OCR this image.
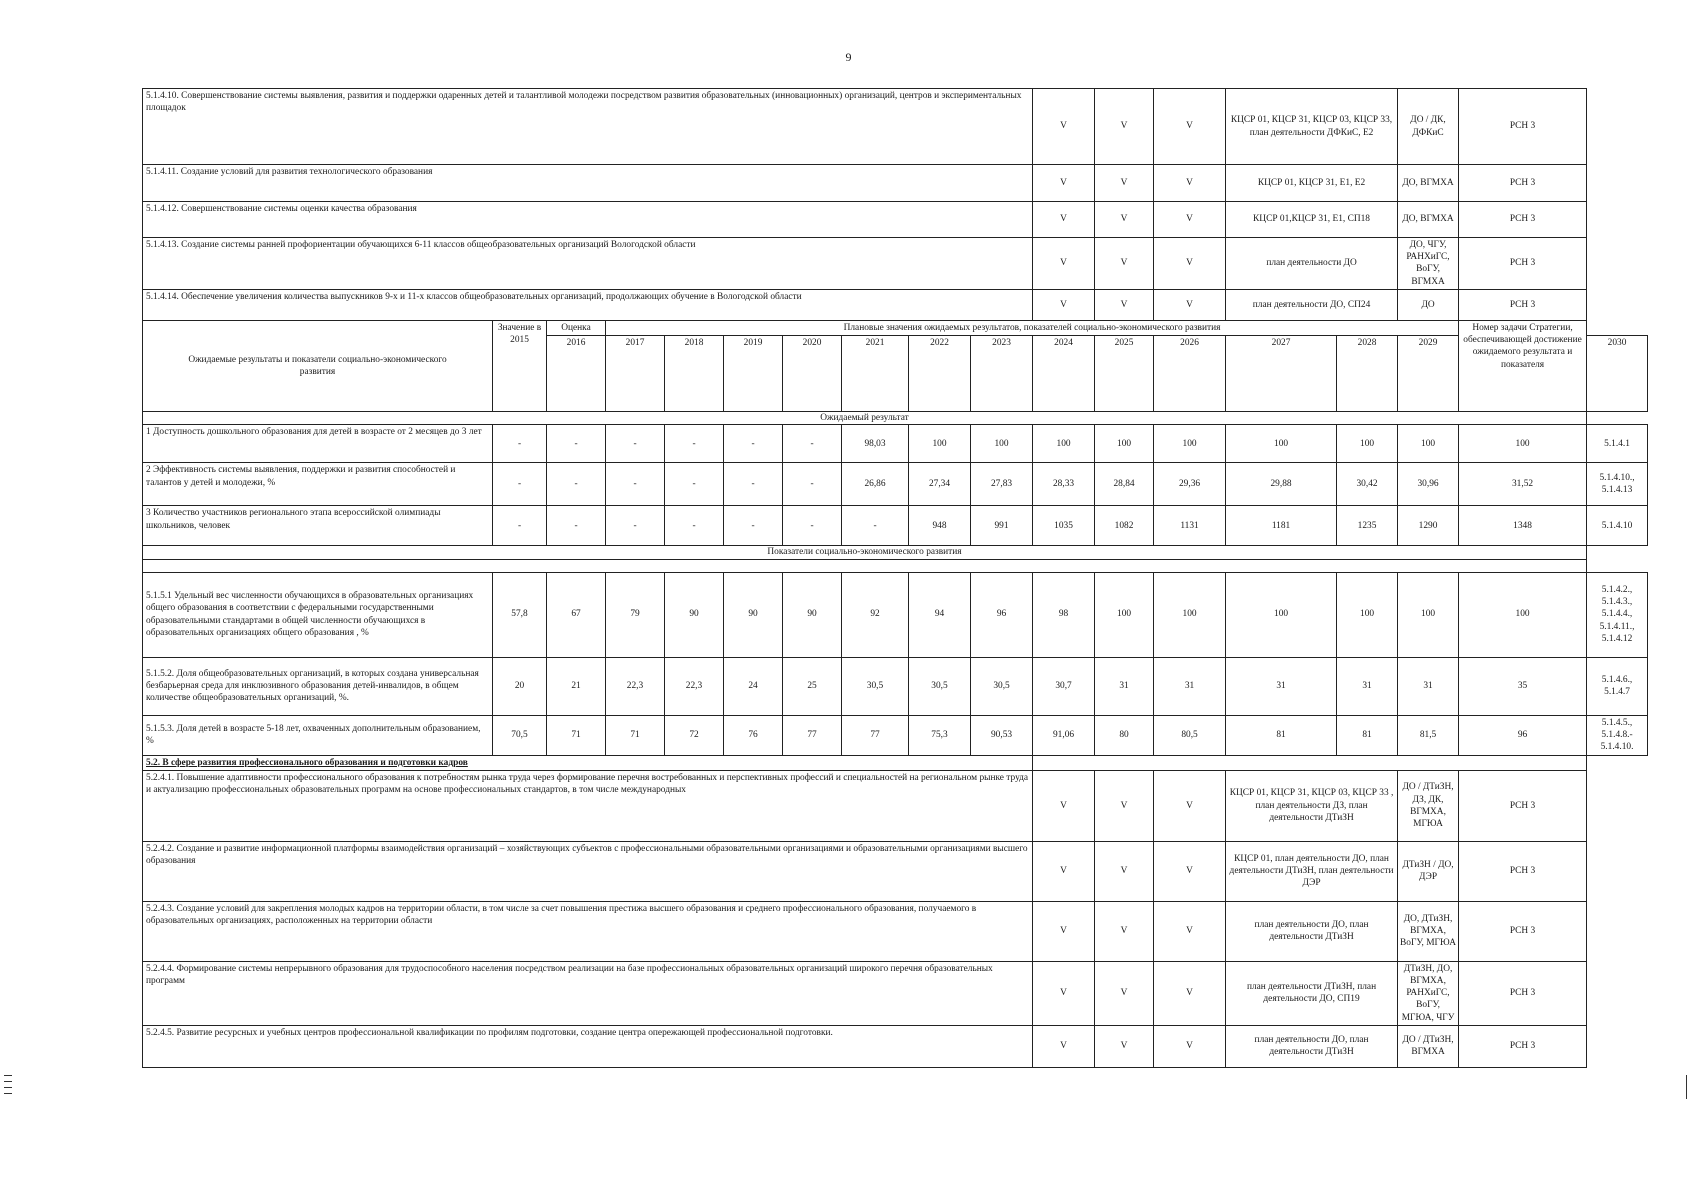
9
5.1.4.10. Совершенствование системы выявления, развития и поддержки одаренных детей и талантливой молодежи посредством развития образовательных (инновационных) организаций, центров и экспериментальных площадок										V	V	V	КЦСР 01, КЦСР 31, КЦСР 03, КЦСР 33, план деятельности ДФКиС, Е2		ДО / ДК, ДФКиС	РСН 3	
5.1.4.11. Создание условий для развития технологического образования										V	V	V	КЦСР 01, КЦСР 31, Е1, Е2		ДО, ВГМХА	РСН 3	
5.1.4.12. Совершенствование системы оценки качества образования										V	V	V	КЦСР 01,КЦСР 31, Е1, СП18		ДО, ВГМХА	РСН 3	
5.1.4.13. Создание системы ранней профориентации обучающихся 6-11 классов общеобразовательных организаций Вологодской области										V	V	V	план деятельности ДО		ДО, ЧГУ, РАНХиГС, ВоГУ, ВГМХА	РСН 3	
5.1.4.14. Обеспечение увеличения количества выпускников 9-х и 11-х классов общеобразовательных организаций, продолжающих обучение в Вологодской области										V	V	V	план деятельности ДО, СП24		ДО	РСН 3	
Ожидаемые результаты и показатели социально-экономического развития	Значение в 2015	Оценка	Плановые значения ожидаемых результатов, показателей социально-экономического развития													Номер задачи Стратегии, обеспечивающей достижение ожидаемого результата и показателя	
		2016	2017	2018	2019	2020	2021	2022	2023	2024	2025	2026	2027	2028	2029		2030
Ожидаемый результат																	
1 Доступность дошкольного образования для детей в возрасте от 2 месяцев до 3 лет	-	-	-	-	-	-	98,03	100	100	100	100	100	100	100	100	100	5.1.4.1
2 Эффективность системы выявления, поддержки и развития способностей и талантов у детей и молодежи, %	-	-	-	-	-	-	26,86	27,34	27,83	28,33	28,84	29,36	29,88	30,42	30,96	31,52	5.1.4.10., 5.1.4.13
3 Количество участников регионального этапа всероссийской олимпиады школьников, человек	-	-	-	-	-	-	-	948	991	1035	1082	1131	1181	1235	1290	1348	5.1.4.10
Показатели социально-экономического развития																	

5.1.5.1 Удельный вес численности обучающихся в образовательных организациях общего образования в соответствии с федеральными государственными образовательными стандартами в общей численности обучающихся в образовательных организациях общего образования , %	57,8	67	79	90	90	90	92	94	96	98	100	100	100	100	100	100	5.1.4.2., 5.1.4.3., 5.1.4.4., 5.1.4.11., 5.1.4.12
5.1.5.2. Доля общеобразовательных организаций, в которых создана универсальная безбарьерная среда для инклюзивного образования детей-инвалидов, в общем количестве общеобразовательных организаций, %.	20	21	22,3	22,3	24	25	30,5	30,5	30,5	30,7	31	31	31	31	31	35	5.1.4.6., 5.1.4.7
5.1.5.3. Доля детей в возрасте 5-18 лет, охваченных дополнительным образованием, %	70,5	71	71	72	76	77	77	75,3	90,53	91,06	80	80,5	81	81	81,5	96	5.1.4.5., 5.1.4.8.- 5.1.4.10.
5.2. В сфере развития профессионального образования и подготовки кадров																	
5.2.4.1. Повышение адаптивности профессионального образования к потребностям рынка труда через формирование перечня востребованных и перспективных профессий и специальностей на региональном рынке труда и актуализацию профессиональных образовательных программ на основе профессиональных стандартов, в том числе международных										V	V	V	КЦСР 01, КЦСР 31, КЦСР 03, КЦСР 33 , план деятельности ДЗ, план деятельности ДТиЗН		ДО / ДТиЗН, ДЗ, ДК, ВГМХА, МГЮА	РСН 3	
5.2.4.2. Создание и развитие информационной платформы взаимодействия организаций – хозяйствующих субъектов с профессиональными образовательными организациями и образовательными организациями высшего образования										V	V	V	КЦСР 01, план деятельности ДО, план деятельности ДТиЗН, план деятельности ДЭР		ДТиЗН / ДО, ДЭР	РСН 3	
5.2.4.3. Создание условий для закрепления молодых кадров на территории области, в том числе за счет повышения престижа высшего образования и среднего профессионального образования, получаемого в образовательных организациях, расположенных на территории области										V	V	V	план деятельности ДО, план деятельности ДТиЗН		ДО, ДТиЗН, ВГМХА, ВоГУ, МГЮА	РСН 3	
5.2.4.4. Формирование системы непрерывного образования для трудоспособного населения посредством реализации на базе профессиональных образовательных организаций широкого перечня образовательных программ										V	V	V	план деятельности ДТиЗН, план деятельности ДО, СП19		ДТиЗН, ДО, ВГМХА, РАНХиГС, ВоГУ, МГЮА, ЧГУ	РСН 3	
5.2.4.5. Развитие ресурсных и учебных центров профессиональной квалификации по профилям подготовки, создание центра опережающей профессиональной подготовки.										V	V	V	план деятельности ДО, план деятельности ДТиЗН		ДО / ДТиЗН, ВГМХА	РСН 3	
